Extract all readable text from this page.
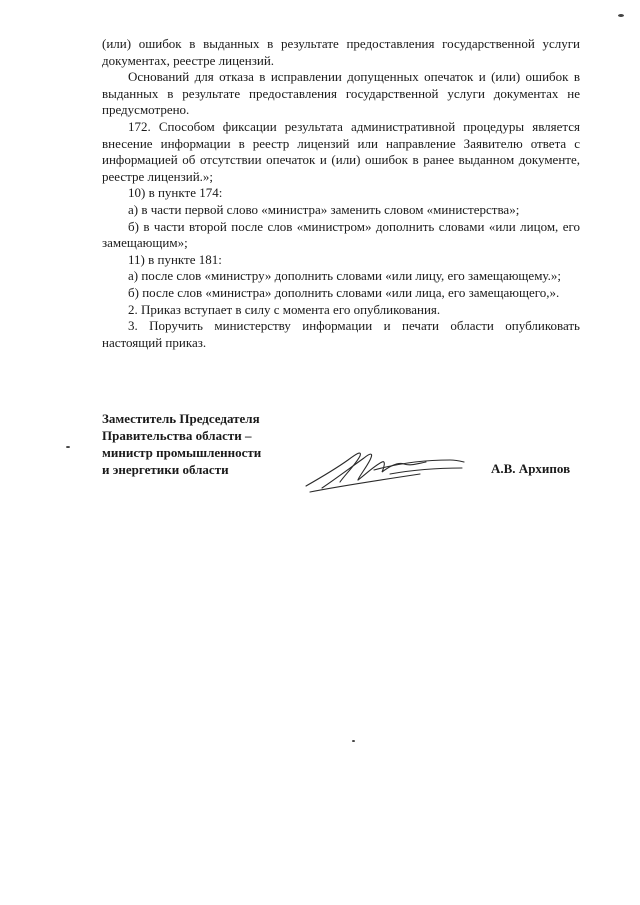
(или) ошибок в выданных в результате предоставления государственной услуги документах, реестре лицензий.

Оснований для отказа в исправлении допущенных опечаток и (или) ошибок в выданных в результате предоставления государственной услуги документах не предусмотрено.

172. Способом фиксации результата административной процедуры является внесение информации в реестр лицензий или направление Заявителю ответа с информацией об отсутствии опечаток и (или) ошибок в ранее выданном документе, реестре лицензий.»;

10) в пункте 174:

а) в части первой слово «министра» заменить словом «министерства»;

б) в части второй после слов «министром» дополнить словами «или лицом, его замещающим»;

11) в пункте 181:

а) после слов «министру» дополнить словами «или лицу, его замещающему.»;

б) после слов «министра» дополнить словами «или лица, его замещающего,».

2. Приказ вступает в силу с момента его опубликования.

3. Поручить министерству информации и печати области опубликовать настоящий приказ.

Заместитель Председателя
Правительства области –
министр промышленности
и энергетики области	А.В. Архипов
